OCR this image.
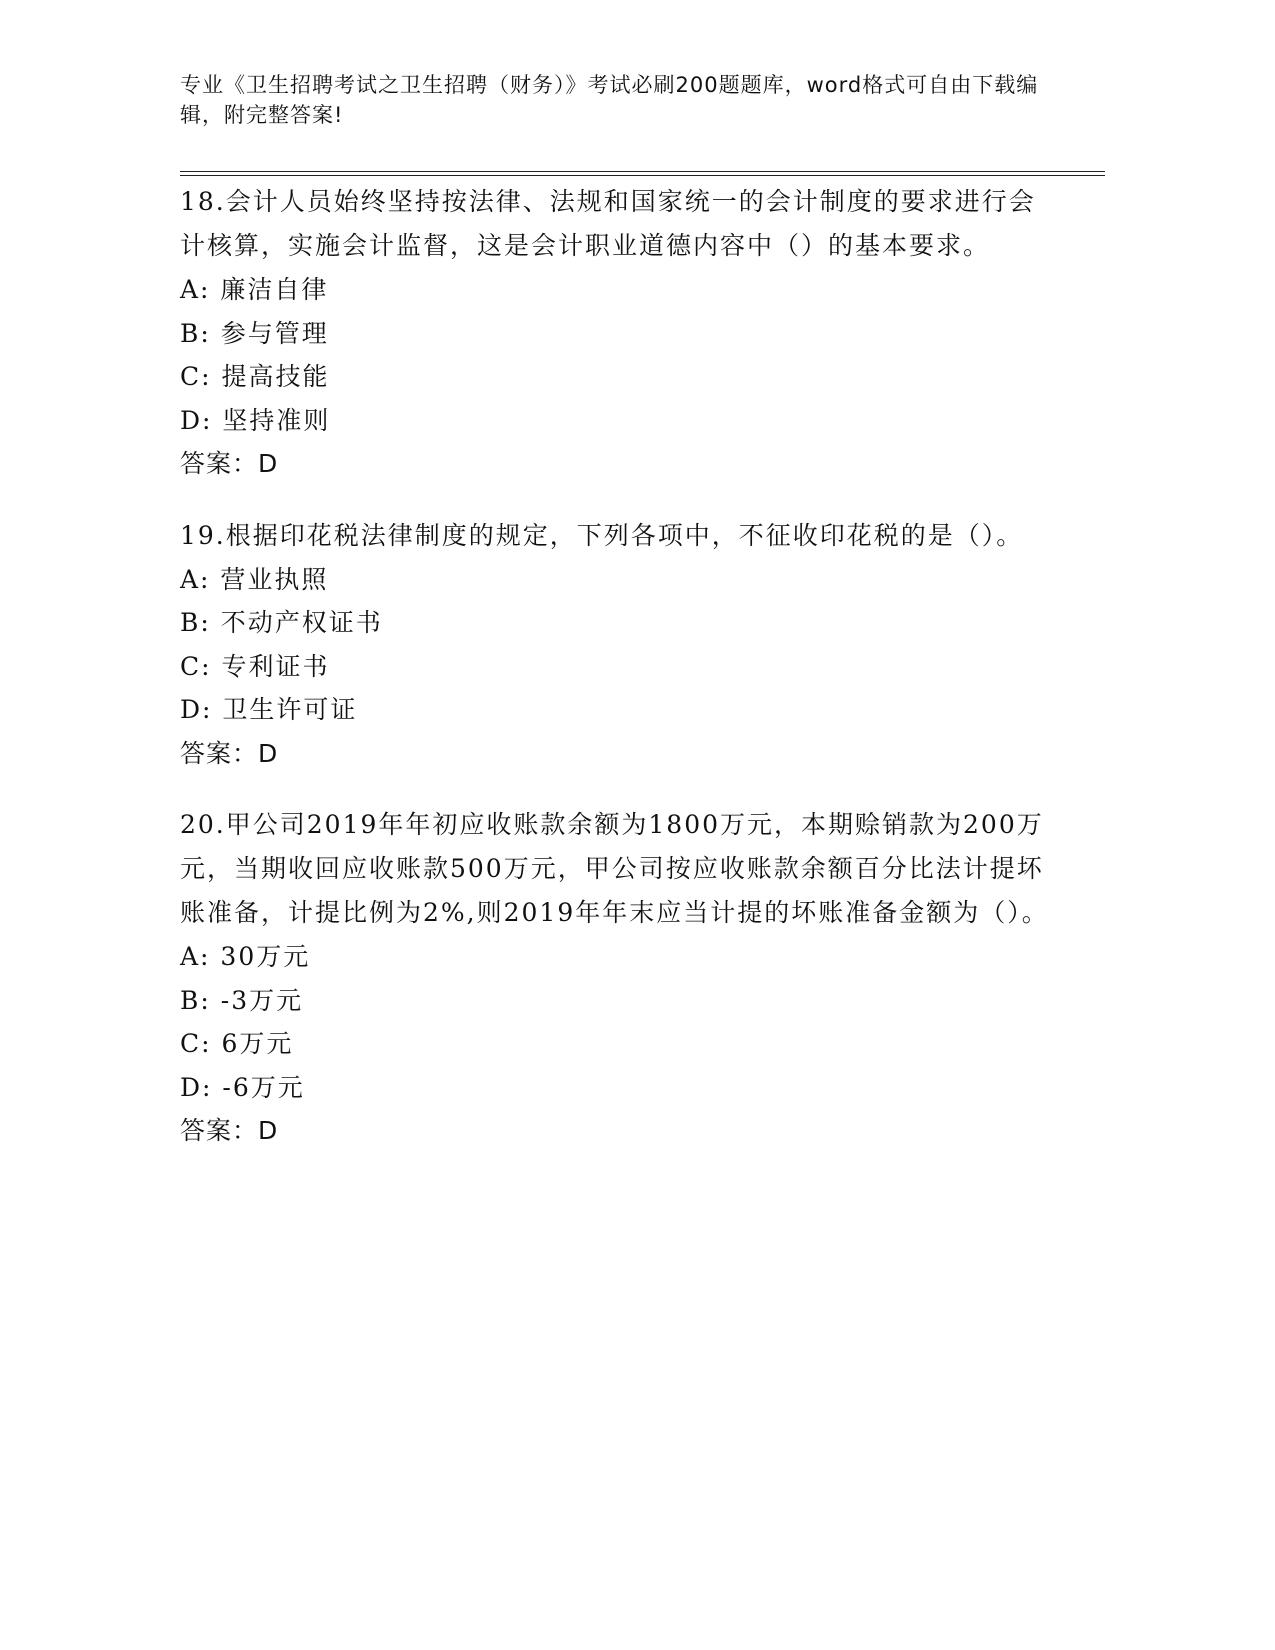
专业《卫生招聘考试之卫生招聘（财务）》考试必刷200题题库，word格式可自由下载编辑，附完整答案!

18.会计人员始终坚持按法律、法规和国家统一的会计制度的要求进行会计核算，实施会计监督，这是会计职业道德内容中（）的基本要求。

A: 廉洁自律
B: 参与管理
C: 提高技能
D: 坚持准则

答案：D

19.根据印花税法律制度的规定，下列各项中，不征收印花税的是（）。

A: 营业执照
B: 不动产权证书
C: 专利证书
D: 卫生许可证

答案：D

20.甲公司2019年年初应收账款余额为1800万元，本期赊销款为200万元，当期收回应收账款500万元，甲公司按应收账款余额百分比法计提坏账准备，计提比例为2%,则2019年年末应当计提的坏账准备金额为（）。

A: 30万元
B: -3万元
C: 6万元
D: -6万元

答案：D
